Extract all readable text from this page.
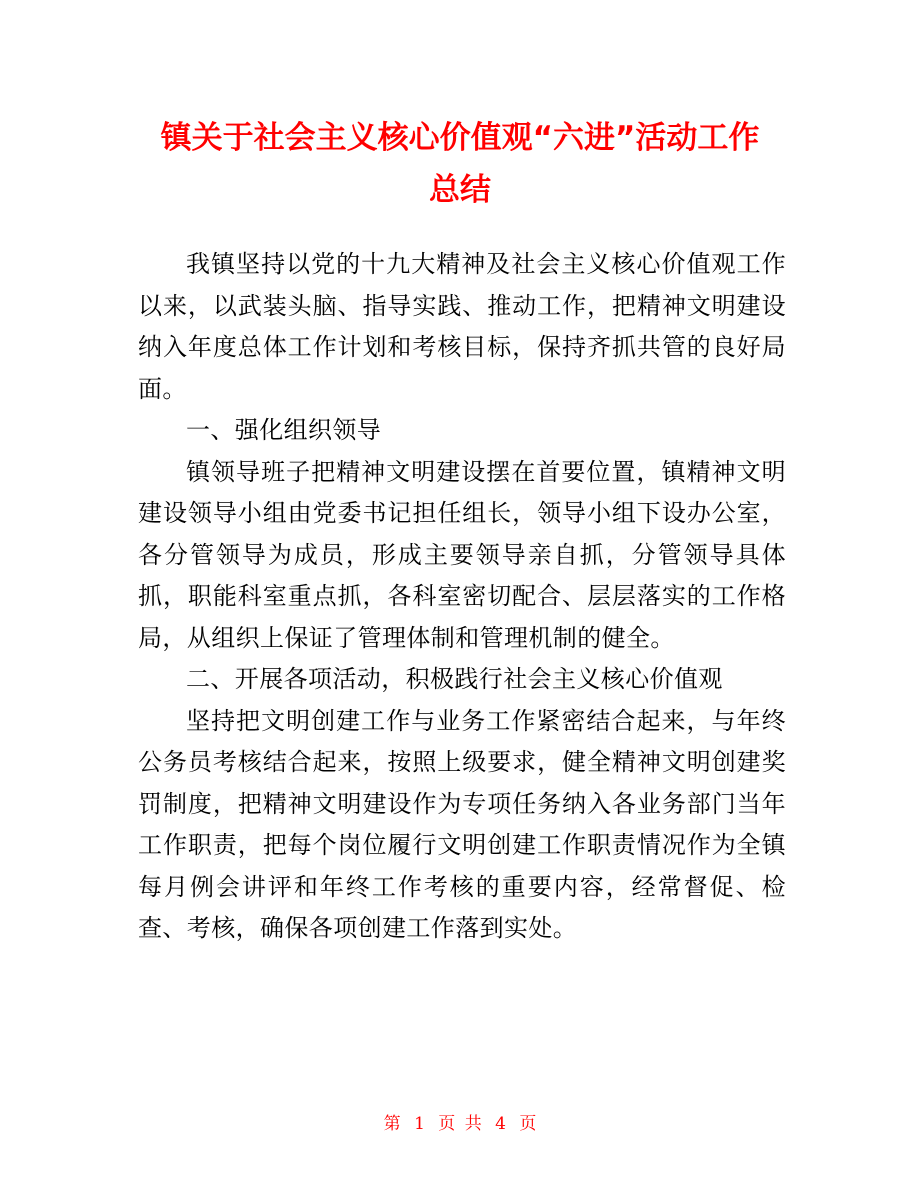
镇关于社会主义核心价值观“六进”活动工作
总结

我镇坚持以党的十九大精神及社会主义核心价值观工作以来，以武装头脑、指导实践、推动工作，把精神文明建设纳入年度总体工作计划和考核目标，保持齐抓共管的良好局面。

一、强化组织领导

镇领导班子把精神文明建设摆在首要位置，镇精神文明建设领导小组由党委书记担任组长，领导小组下设办公室，各分管领导为成员，形成主要领导亲自抓，分管领导具体抓，职能科室重点抓，各科室密切配合、层层落实的工作格局，从组织上保证了管理体制和管理机制的健全。

二、开展各项活动，积极践行社会主义核心价值观

坚持把文明创建工作与业务工作紧密结合起来，与年终公务员考核结合起来，按照上级要求，健全精神文明创建奖罚制度，把精神文明建设作为专项任务纳入各业务部门当年工作职责，把每个岗位履行文明创建工作职责情况作为全镇每月例会讲评和年终工作考核的重要内容，经常督促、检查、考核，确保各项创建工作落到实处。

第 1 页 共 4 页
